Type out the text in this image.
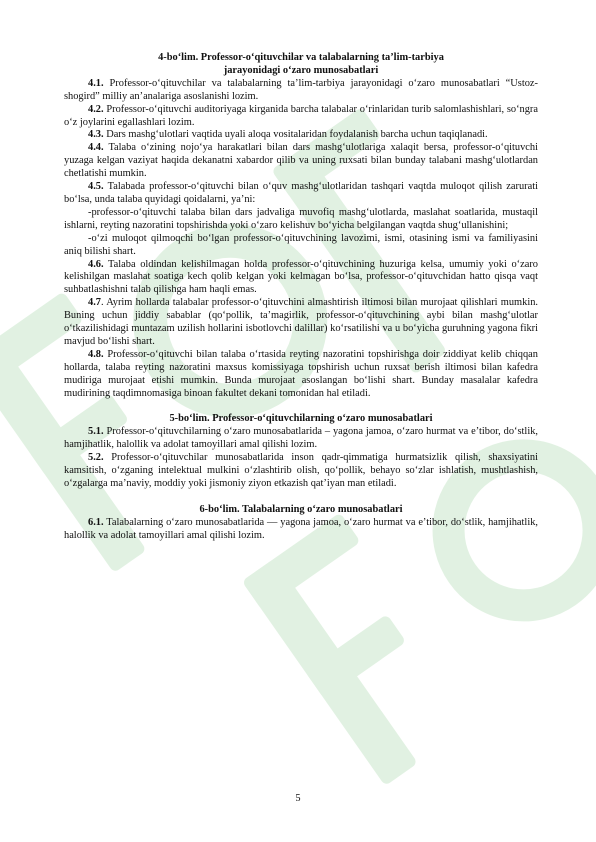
4-bo‘lim. Professor-o‘qituvchilar va talabalarning ta’lim-tarbiya

jarayonidagi o‘zaro munosabatlari

4.1. Professor-o‘qituvchilar va talabalarning ta’lim-tarbiya jarayonidagi o‘zaro munosabatlari “Ustoz-shogird” milliy an’analariga asoslanishi lozim.

4.2. Professor-o‘qituvchi auditoriyaga kirganida barcha talabalar o‘rinlaridan turib salomlashishlari, so‘ngra o‘z joylarini egallashlari lozim.

4.3. Dars mashg‘ulotlari vaqtida uyali aloqa vositalaridan foydalanish barcha uchun taqiqlanadi.

4.4. Talaba o‘zining nojo‘ya harakatlari bilan dars mashg‘ulotlariga xalaqit bersa, professor-o‘qituvchi yuzaga kelgan vaziyat haqida dekanatni xabardor qilib va uning ruxsati bilan bunday talabani mashg‘ulotlardan chetlatishi mumkin.

4.5. Talabada professor-o‘qituvchi bilan o‘quv mashg‘ulotlaridan tashqari vaqtda muloqot qilish zarurati bo‘lsa, unda talaba quyidagi qoidalarni, ya’ni:

-professor-o‘qituvchi talaba bilan dars jadvaliga muvofiq mashg‘ulotlarda, maslahat soatlarida, mustaqil ishlarni, reyting nazoratini topshirishda yoki o‘zaro kelishuv bo‘yicha belgilangan vaqtda shug‘ullanishini;

-o‘zi muloqot qilmoqchi bo‘lgan professor-o‘qituvchining lavozimi, ismi, otasining ismi va familiyasini aniq bilishi shart.

4.6. Talaba oldindan kelishilmagan holda professor-o‘qituvchining huzuriga kelsa, umumiy yoki o‘zaro kelishilgan maslahat soatiga kech qolib kelgan yoki kelmagan bo‘lsa, professor-o‘qituvchidan hatto qisqa vaqt suhbatlashishni talab qilishga ham haqli emas.

4.7. Ayrim hollarda talabalar professor-o‘qituvchini almashtirish iltimosi bilan murojaat qilishlari mumkin. Buning uchun jiddiy sabablar (qo‘pollik, ta’magirlik, professor-o‘qituvchining aybi bilan mashg‘ulotlar o‘tkazilishidagi muntazam uzilish hollarini isbotlovchi dalillar) ko‘rsatilishi va u bo‘yicha guruhning yagona fikri mavjud bo‘lishi shart.

4.8. Professor-o‘qituvchi bilan talaba o‘rtasida reyting nazoratini topshirishga doir ziddiyat kelib chiqqan hollarda, talaba reyting nazoratini maxsus komissiyaga topshirish uchun ruxsat berish iltimosi bilan kafedra mudiriga murojaat etishi mumkin. Bunda murojaat asoslangan bo‘lishi shart. Bunday masalalar kafedra mudirining taqdimnomasiga binoan fakultet dekani tomonidan hal etiladi.

5-bo‘lim. Professor-o‘qituvchilarning o‘zaro munosabatlari

5.1. Professor-o‘qituvchilarning o‘zaro munosabatlarida – yagona jamoa, o‘zaro hurmat va e’tibor, do‘stlik, hamjihatlik, halollik va adolat tamoyillari amal qilishi lozim.

5.2. Professor-o‘qituvchilar munosabatlarida inson qadr-qimmatiga hurmatsizlik qilish, shaxsiyatini kamsitish, o‘zganing intelektual mulkini o‘zlashtirib olish, qo‘pollik, behayo so‘zlar ishlatish, mushtlashish, o‘zgalarga ma’naviy, moddiy yoki jismoniy ziyon etkazish qat’iyan man etiladi.

6-bo‘lim. Talabalarning o‘zaro munosabatlari

6.1. Talabalarning o‘zaro munosabatlarida — yagona jamoa, o‘zaro hurmat va e’tibor, do‘stlik, hamjihatlik, halollik va adolat tamoyillari amal qilishi lozim.

5
